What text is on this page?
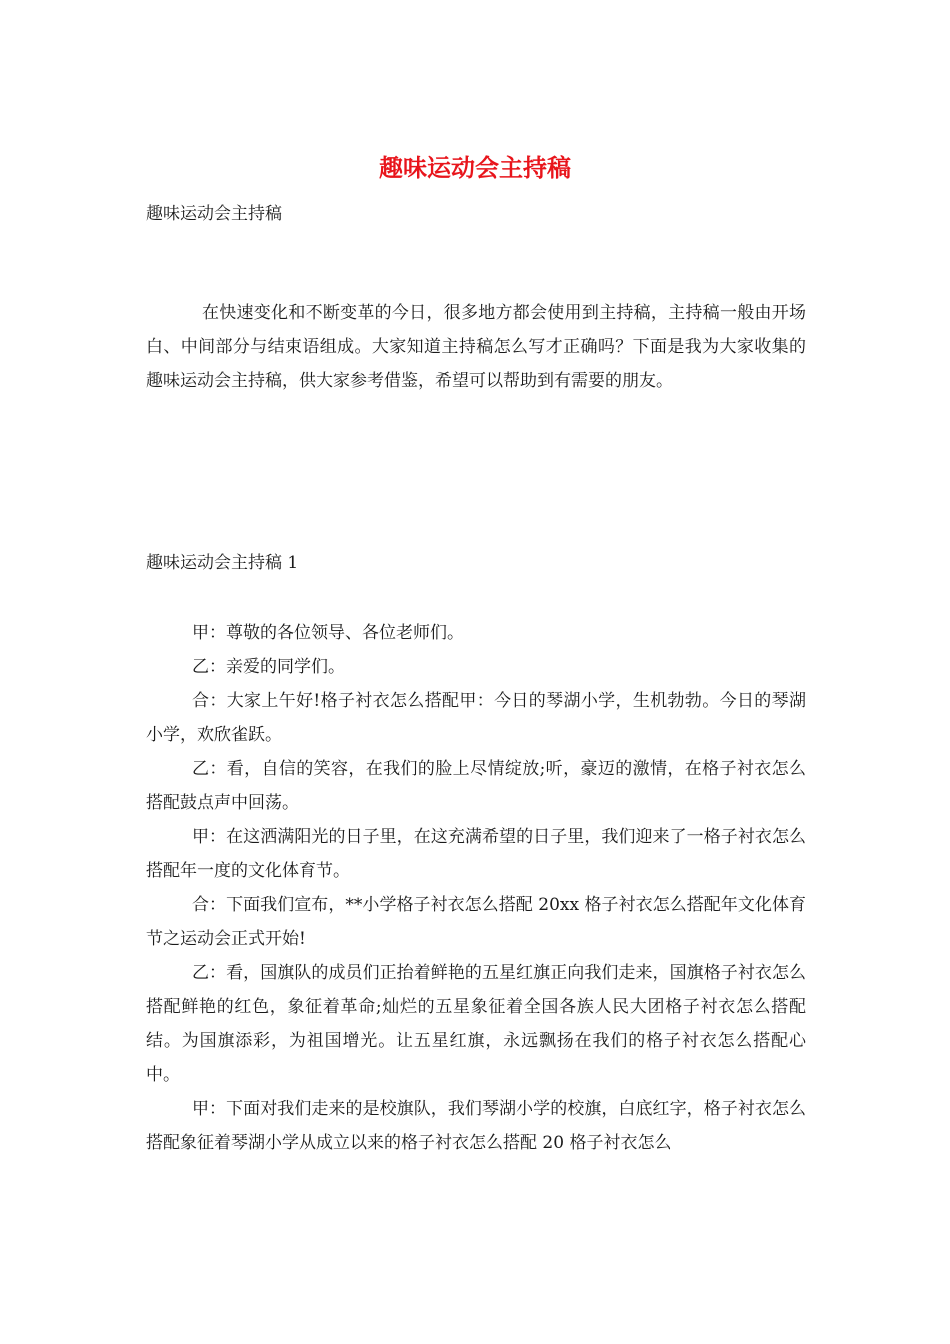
趣味运动会主持稿

趣味运动会主持稿

在快速变化和不断变革的今日，很多地方都会使用到主持稿，主持稿一般由开场白、中间部分与结束语组成。大家知道主持稿怎么写才正确吗？下面是我为大家收集的趣味运动会主持稿，供大家参考借鉴，希望可以帮助到有需要的朋友。

趣味运动会主持稿 1

甲：尊敬的各位领导、各位老师们。

乙：亲爱的同学们。

合：大家上午好!格子衬衣怎么搭配甲：今日的琴湖小学，生机勃勃。今日的琴湖小学，欢欣雀跃。

乙：看，自信的笑容，在我们的脸上尽情绽放;听，豪迈的激情，在格子衬衣怎么搭配鼓点声中回荡。

甲：在这洒满阳光的日子里，在这充满希望的日子里，我们迎来了一格子衬衣怎么搭配年一度的文化体育节。

合：下面我们宣布，**小学格子衬衣怎么搭配 20xx 格子衬衣怎么搭配年文化体育节之运动会正式开始!

乙：看，国旗队的成员们正抬着鲜艳的五星红旗正向我们走来，国旗格子衬衣怎么搭配鲜艳的红色，象征着革命;灿烂的五星象征着全国各族人民大团格子衬衣怎么搭配结。为国旗添彩，为祖国增光。让五星红旗，永远飘扬在我们的格子衬衣怎么搭配心中。

甲：下面对我们走来的是校旗队，我们琴湖小学的校旗，白底红字，格子衬衣怎么搭配象征着琴湖小学从成立以来的格子衬衣怎么搭配 20 格子衬衣怎么
